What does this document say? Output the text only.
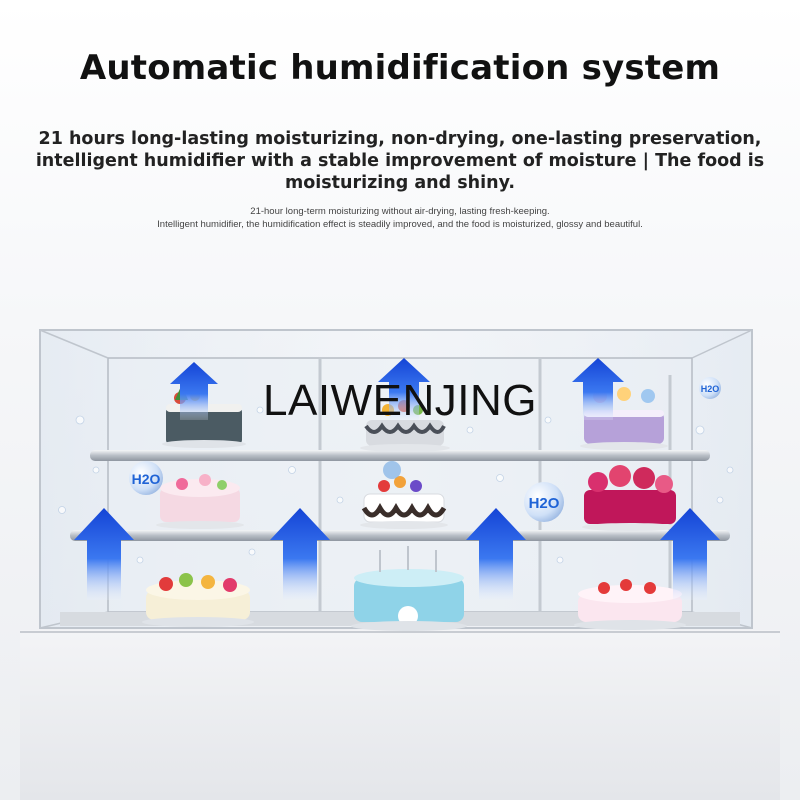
Automatic humidification system
21 hours long-lasting moisturizing, non-drying, one-lasting preservation,
intelligent humidifier with a stable improvement of moisture | The food is
moisturizing and shiny.
21-hour long-term moisturizing without air-drying, lasting fresh-keeping.
Intelligent humidifier, the humidification effect is steadily improved, and the food is moisturized, glossy and beautiful.
H2O
H2O
H2O
LAIWENJING
